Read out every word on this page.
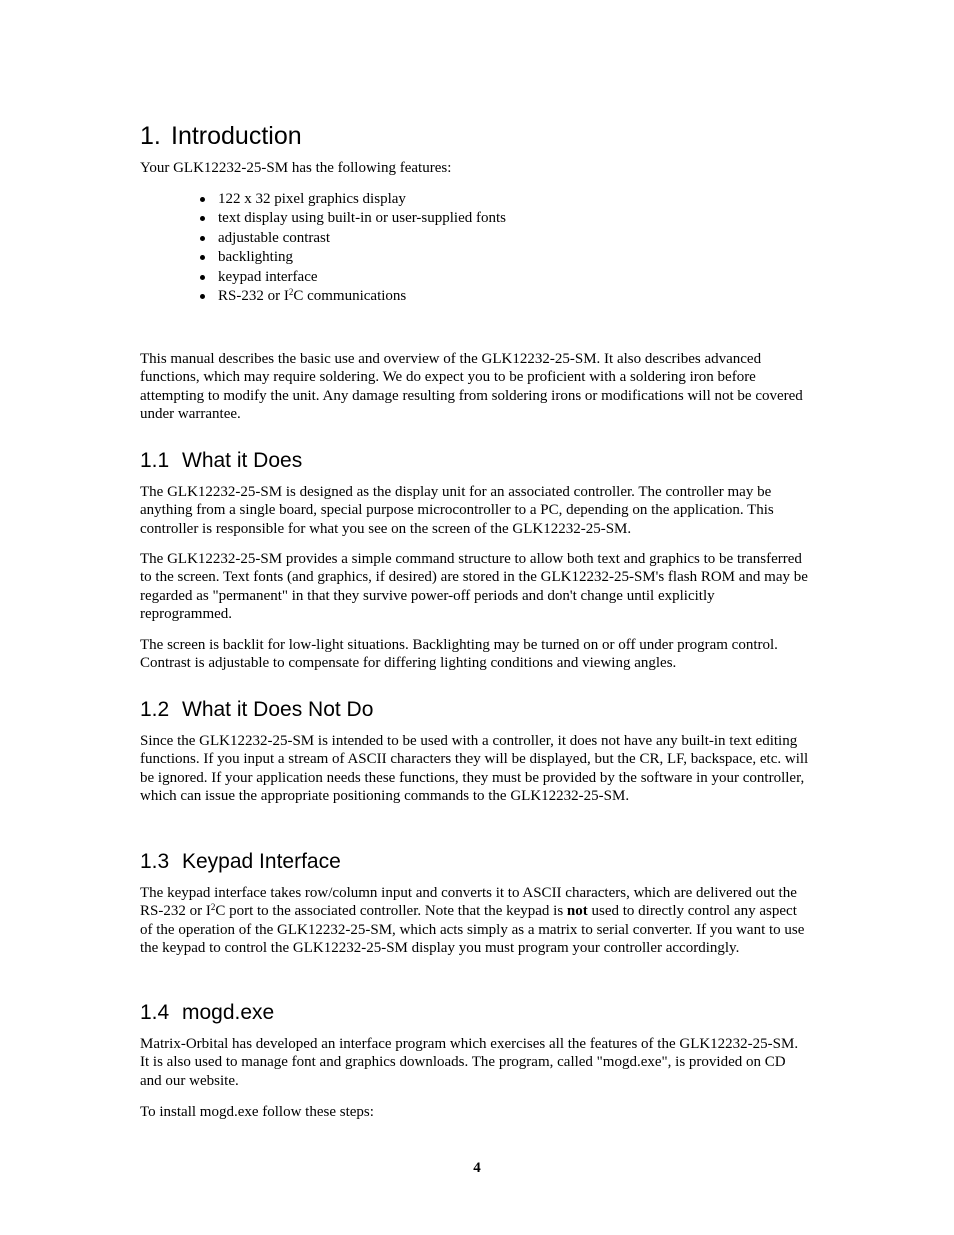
1. Introduction

Your GLK12232-25-SM has the following features:

122 x 32 pixel graphics display
text display using built-in or user-supplied fonts
adjustable contrast
backlighting
keypad interface
RS-232 or $I^2C$ communications

This manual describes the basic use and overview of the GLK12232-25-SM. It also describes advanced functions, which may require soldering. We do expect you to be proficient with a soldering iron before attempting to modify the unit. Any damage resulting from soldering irons or modifications will not be covered under warrantee.

1.1 What it Does

The GLK12232-25-SM is designed as the display unit for an associated controller. The controller may be anything from a single board, special purpose microcontroller to a PC, depending on the application. This controller is responsible for what you see on the screen of the GLK12232-25-SM.

The GLK12232-25-SM provides a simple command structure to allow both text and graphics to be transferred to the screen. Text fonts (and graphics, if desired) are stored in the GLK12232-25-SM's flash ROM and may be regarded as "permanent" in that they survive power-off periods and don't change until explicitly reprogrammed.

The screen is backlit for low-light situations. Backlighting may be turned on or off under program control. Contrast is adjustable to compensate for differing lighting conditions and viewing angles.

1.2 What it Does Not Do

Since the GLK12232-25-SM is intended to be used with a controller, it does not have any built-in text editing functions. If you input a stream of ASCII characters they will be displayed, but the CR, LF, backspace, etc. will be ignored. If your application needs these functions, they must be provided by the software in your controller, which can issue the appropriate positioning commands to the GLK12232-25-SM.

1.3 Keypad Interface

The keypad interface takes row/column input and converts it to ASCII characters, which are delivered out the RS-232 or $I^2C$ port to the associated controller. Note that the keypad is not used to directly control any aspect of the operation of the GLK12232-25-SM, which acts simply as a matrix to serial converter. If you want to use the keypad to control the GLK12232-25-SM display you must program your controller accordingly.

1.4 mogd.exe

Matrix-Orbital has developed an interface program which exercises all the features of the GLK12232-25-SM. It is also used to manage font and graphics downloads. The program, called "mogd.exe", is provided on CD and our website.

To install mogd.exe follow these steps:

4
